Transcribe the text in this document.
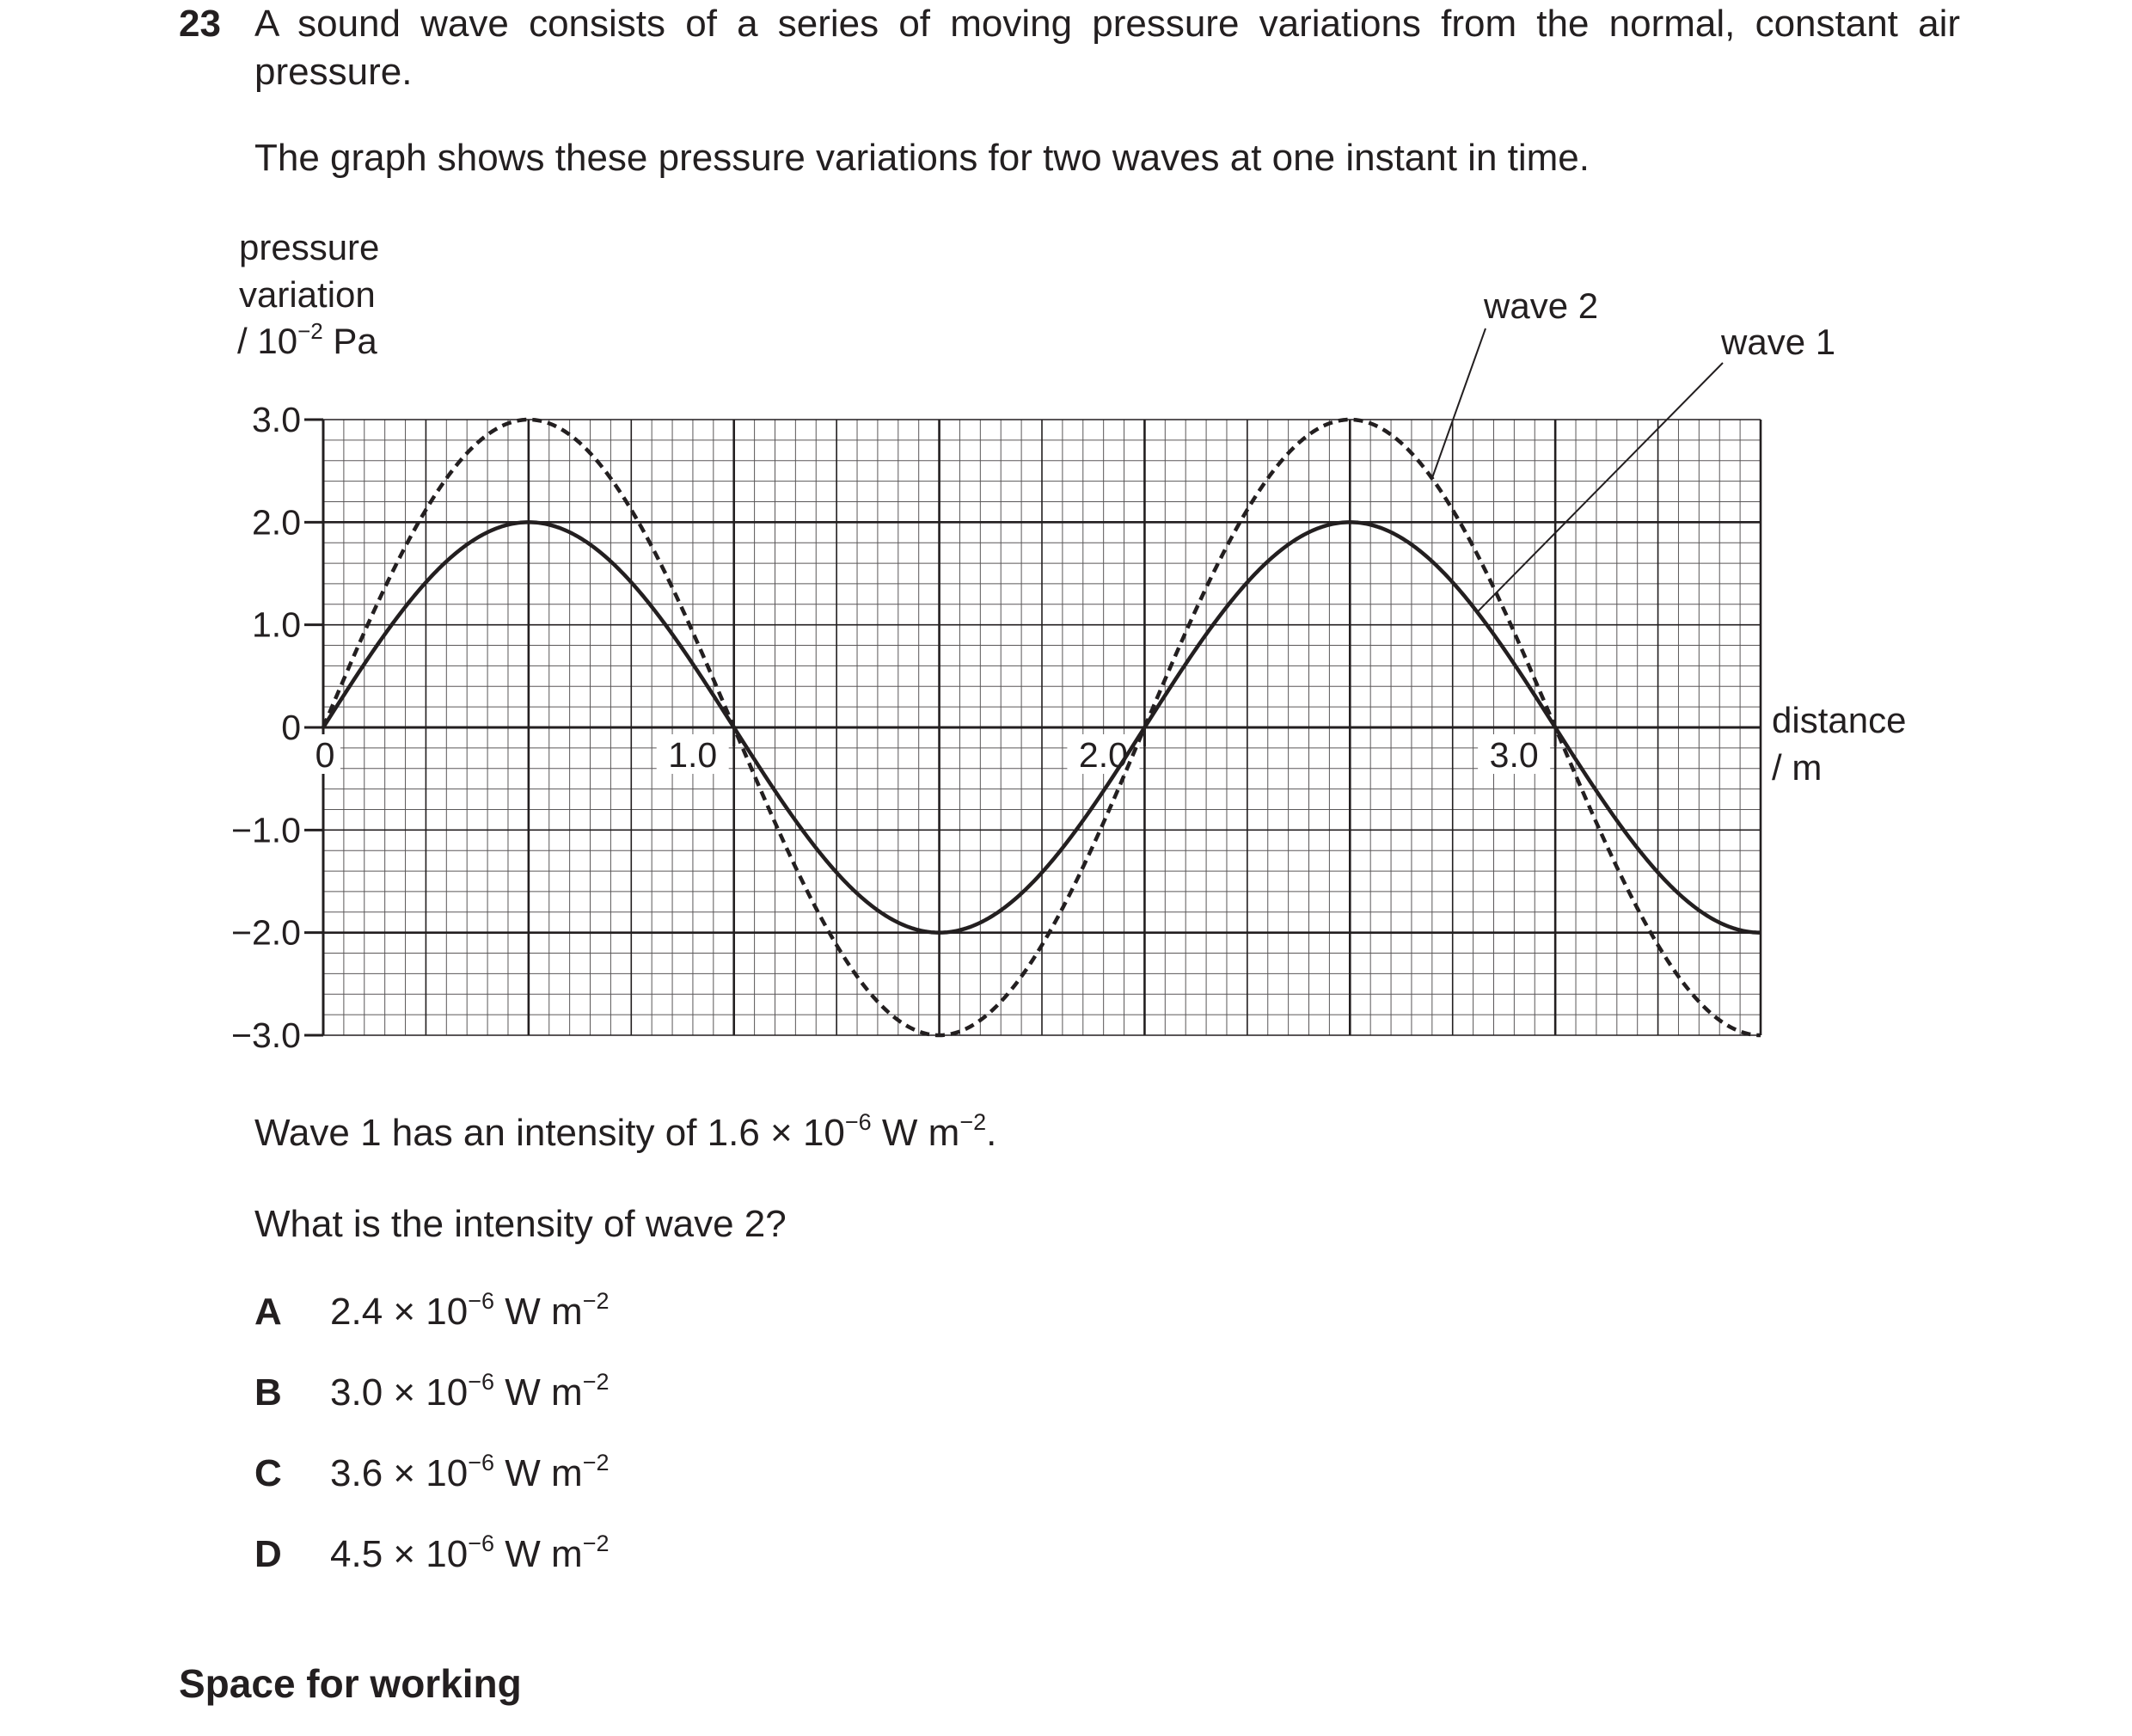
23 A sound wave consists of a series of moving pressure variations from the normal, constant air pressure.
The graph shows these pressure variations for two waves at one instant in time.
3.0
2.0
1.0
0
−1.0
−2.0
−3.0
0	1.0	2.0	3.0
pressure
variation
/ $10^{-2}$ Pa
distance
/ m
wave 2
wave 1
Wave 1 has an intensity of $1.6 \times 10^{-6}$ W $m^{-2}$.
What is the intensity of wave 2?
A $2.4 \times 10^{-6}$ W $m^{-2}$
B $3.0 \times 10^{-6}$ W $m^{-2}$
C $3.6 \times 10^{-6}$ W $m^{-2}$
D $4.5 \times 10^{-6}$ W $m^{-2}$
Space for working
